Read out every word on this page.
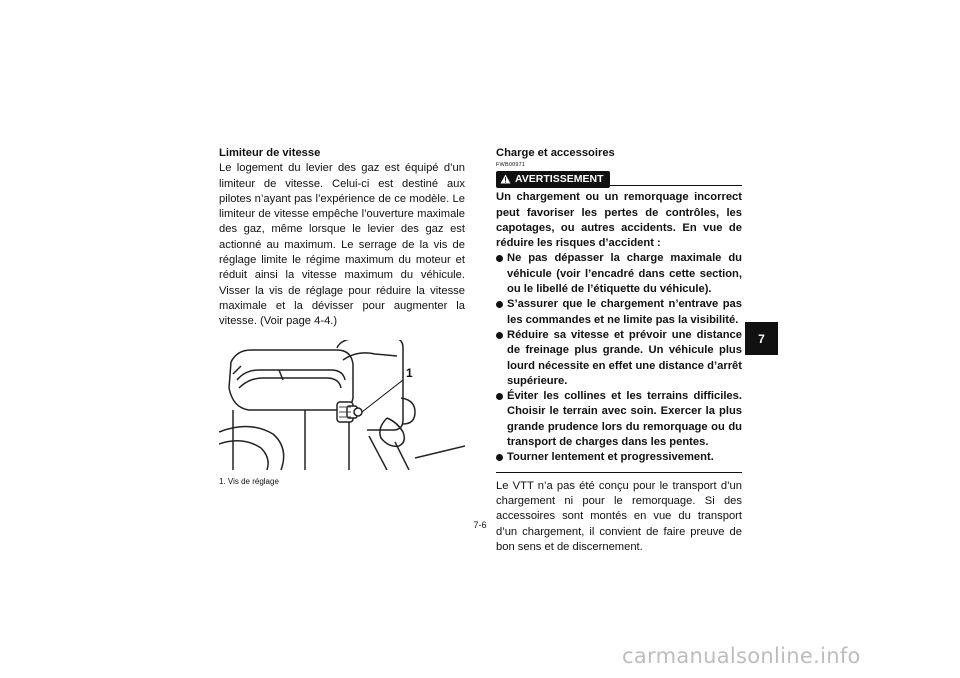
Limiteur de vitesse

Le logement du levier des gaz est équipé d’un limiteur de vitesse. Celui-ci est destiné aux pilotes n’ayant pas l’expérience de ce modèle. Le limiteur de vitesse empêche l’ouverture maximale des gaz, même lorsque le levier des gaz est actionné au maximum. Le serrage de la vis de réglage limite le régime maximum du moteur et réduit ainsi la vitesse maximum du véhicule. Visser la vis de réglage pour réduire la vitesse maximale et la dévisser pour augmenter la vitesse. (Voir page 4-4.)

1
1. Vis de réglage
Charge et accessoires
FWB00971
AVERTISSEMENT

Un chargement ou un remorquage incorrect peut favoriser les pertes de contrôles, les capotages, ou autres accidents. En vue de réduire les risques d’accident :

Ne pas dépasser la charge maximale du véhicule (voir l’encadré dans cette section, ou le libellé de l’étiquette du véhicule).
S’assurer que le chargement n’entrave pas les commandes et ne limite pas la visibilité.
Réduire sa vitesse et prévoir une distance de freinage plus grande. Un véhicule plus lourd nécessite en effet une distance d’arrêt supérieure.
Éviter les collines et les terrains difficiles. Choisir le terrain avec soin. Exercer la plus grande prudence lors du remorquage ou du transport de charges dans les pentes.
Tourner lentement et progressivement.

Le VTT n’a pas été conçu pour le transport d’un chargement ni pour le remorquage. Si des accessoires sont montés en vue du transport d’un chargement, il convient de faire preuve de bon sens et de discernement.

7-6
7
carmanualsonline.info
